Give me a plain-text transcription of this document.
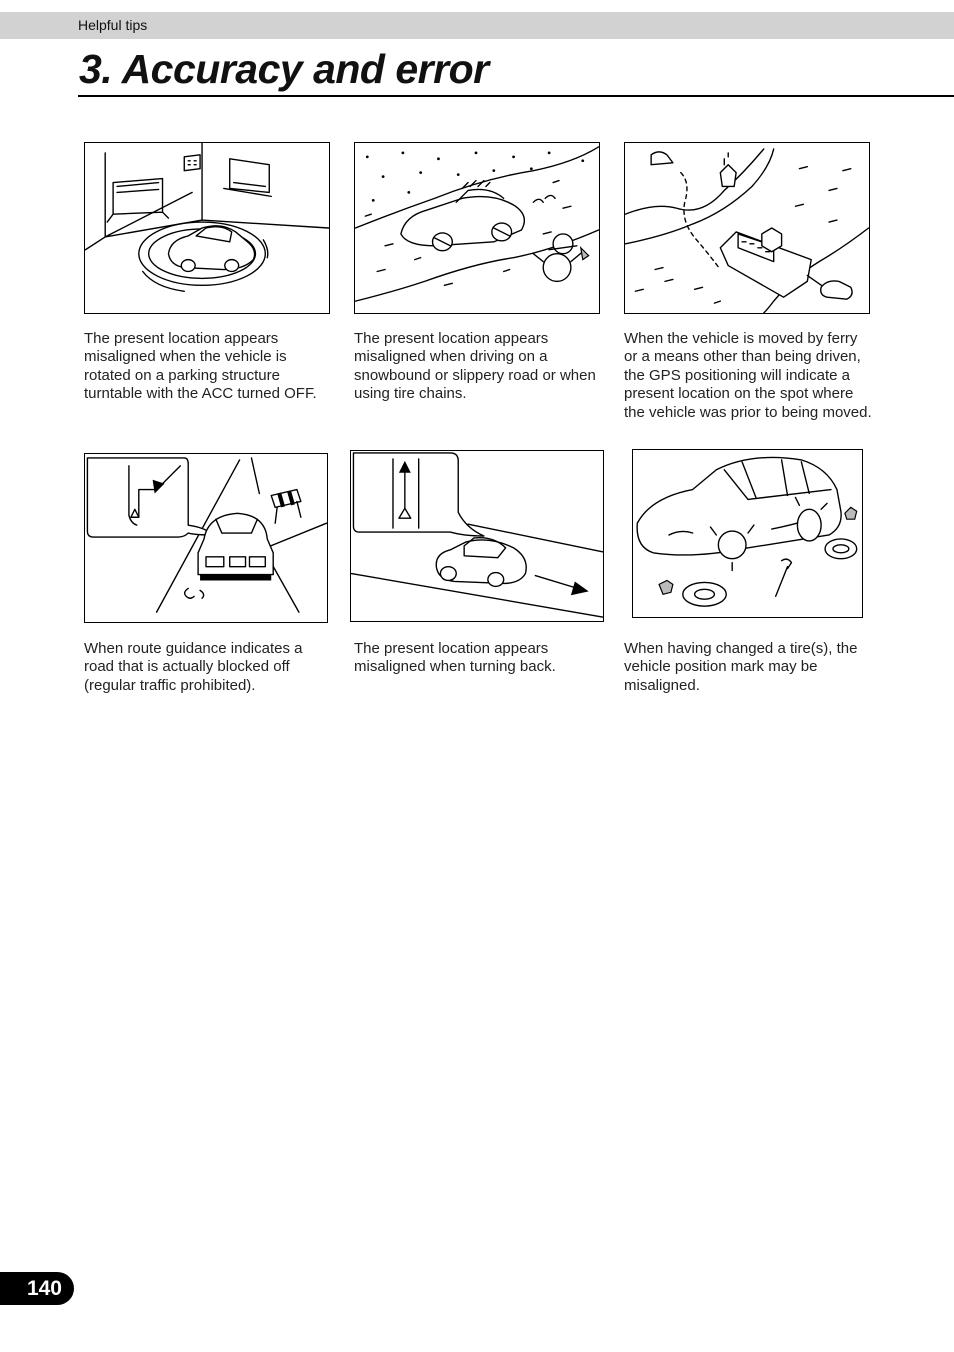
Helpful tips
3. Accuracy and error

The present location appears misaligned when the vehicle is rotated on a parking structure turntable with the ACC turned OFF.

The present location appears misaligned when driving on a snowbound or slippery road or when using tire chains.

When the vehicle is moved by ferry or a means other than being driven, the GPS positioning will indicate a present location on the spot where the vehicle was prior to being moved.

When route guidance indicates a road that is actually blocked off (regular traffic prohibited).

The present location appears misaligned when turning back.

When having changed a tire(s), the vehicle position mark may be misaligned.

140
